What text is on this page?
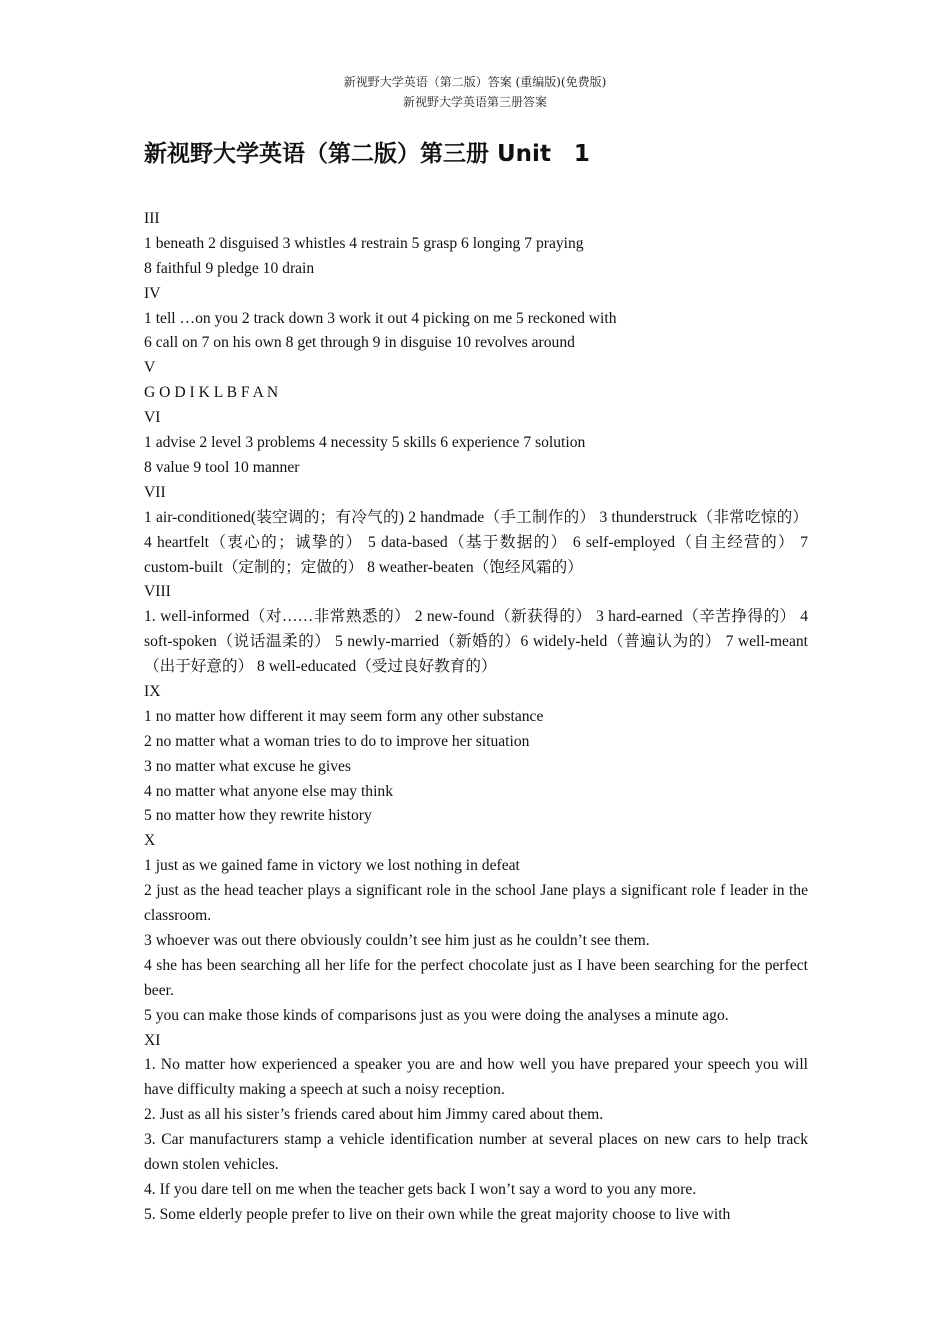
新视野大学英语（第二版）答案 (重编版)(免费版)
新视野大学英语第三册答案
新视野大学英语（第二版）第三册 Unit　1
III
1 beneath 2 disguised 3 whistles 4 restrain 5 grasp 6 longing 7 praying
8 faithful 9 pledge 10 drain
IV
1 tell …on you 2 track down 3 work it out 4 picking on me 5 reckoned with
6 call on 7 on his own 8 get through 9 in disguise 10 revolves around
V
G O D I K L B F A N
VI
1 advise 2 level 3 problems 4 necessity 5 skills 6 experience 7 solution
8 value 9 tool 10 manner
VII
1 air-conditioned(装空调的；有冷气的) 2 handmade（手工制作的） 3 thunderstruck（非常吃惊的） 4 heartfelt（衷心的；诚挚的） 5 data-based（基于数据的） 6 self-employed（自主经营的） 7 custom-built（定制的；定做的） 8 weather-beaten（饱经风霜的）
VIII
1. well-informed（对……非常熟悉的） 2 new-found（新获得的） 3 hard-earned（辛苦挣得的） 4 soft-spoken（说话温柔的） 5 newly-married（新婚的）6 widely-held（普遍认为的） 7 well-meant（出于好意的） 8 well-educated（受过良好教育的）
IX
1 no matter how different it may seem form any other substance
2 no matter what a woman tries to do to improve her situation
3 no matter what excuse he gives
4 no matter what anyone else may think
5 no matter how they rewrite history
X
1 just as we gained fame in victory we lost nothing in defeat
2 just as the head teacher plays a significant role in the school Jane plays a significant role f leader in the classroom.
3 whoever was out there obviously couldn’t see him just as he couldn’t see them.
4 she has been searching all her life for the perfect chocolate just as I have been searching for the perfect beer.
5 you can make those kinds of comparisons just as you were doing the analyses a minute ago.
XI
1. No matter how experienced a speaker you are and how well you have prepared your speech you will have difficulty making a speech at such a noisy reception.
2. Just as all his sister’s friends cared about him Jimmy cared about them.
3. Car manufacturers stamp a vehicle identification number at several places on new cars to help track down stolen vehicles.
4. If you dare tell on me when the teacher gets back I won’t say a word to you any more.
5. Some elderly people prefer to live on their own while the great majority choose to live with
